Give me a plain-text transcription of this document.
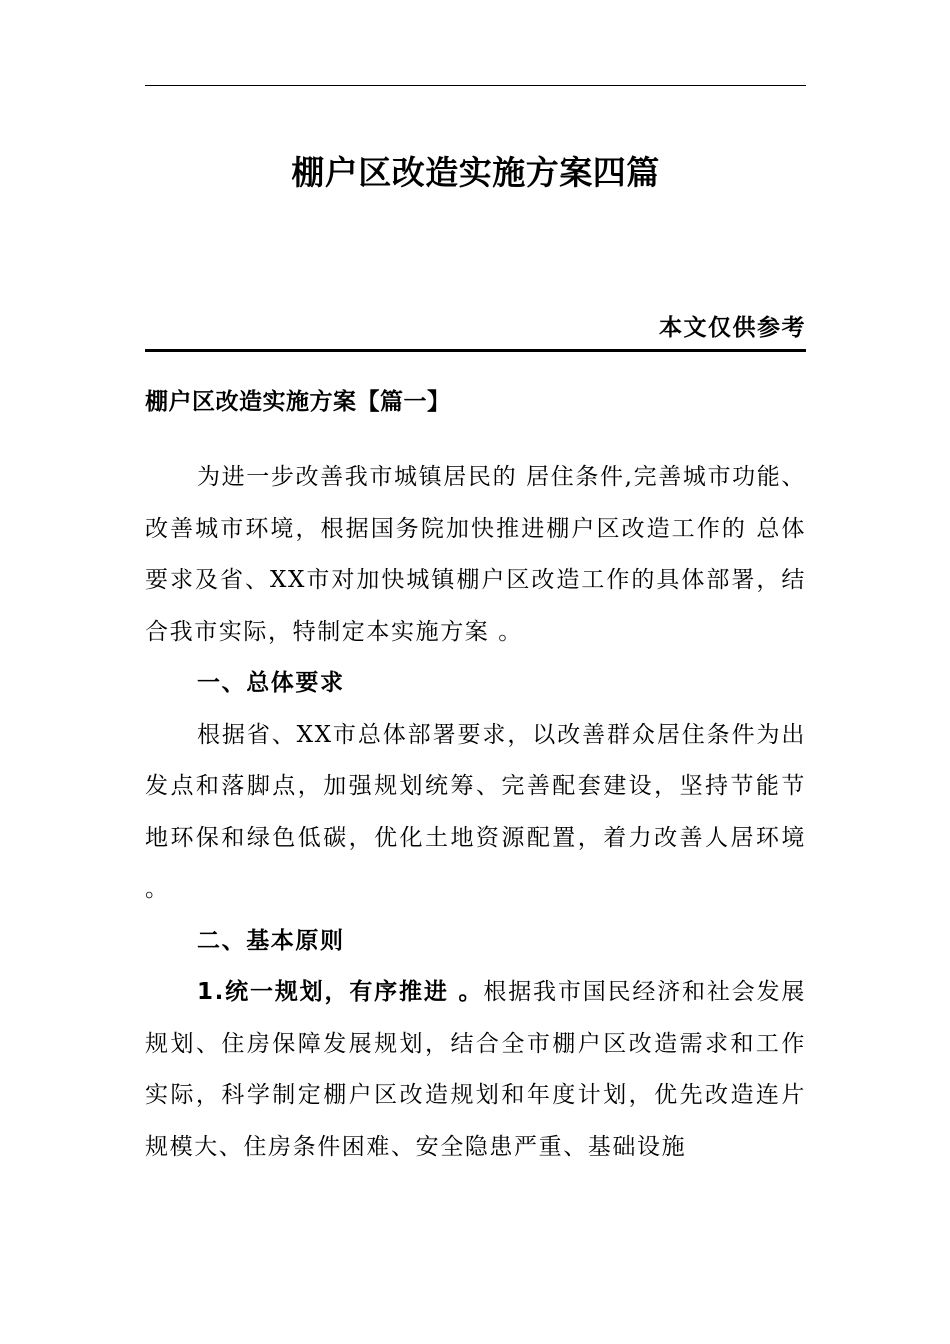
棚户区改造实施方案四篇
本文仅供参考
棚户区改造实施方案【篇一】

为进一步改善我市城镇居民的 居住条件,完善城市功能、改善城市环境，根据国务院加快推进棚户区改造工作的 总体要求及省、XX市对加快城镇棚户区改造工作的具体部署，结合我市实际，特制定本实施方案 。

一、总体要求

根据省、XX市总体部署要求，以改善群众居住条件为出发点和落脚点，加强规划统筹、完善配套建设，坚持节能节地环保和绿色低碳，优化土地资源配置，着力改善人居环境 。

二、基本原则

1.统一规划，有序推进 。根据我市国民经济和社会发展规划、住房保障发展规划，结合全市棚户区改造需求和工作实际，科学制定棚户区改造规划和年度计划，优先改造连片规模大、住房条件困难、安全隐患严重、基础设施
